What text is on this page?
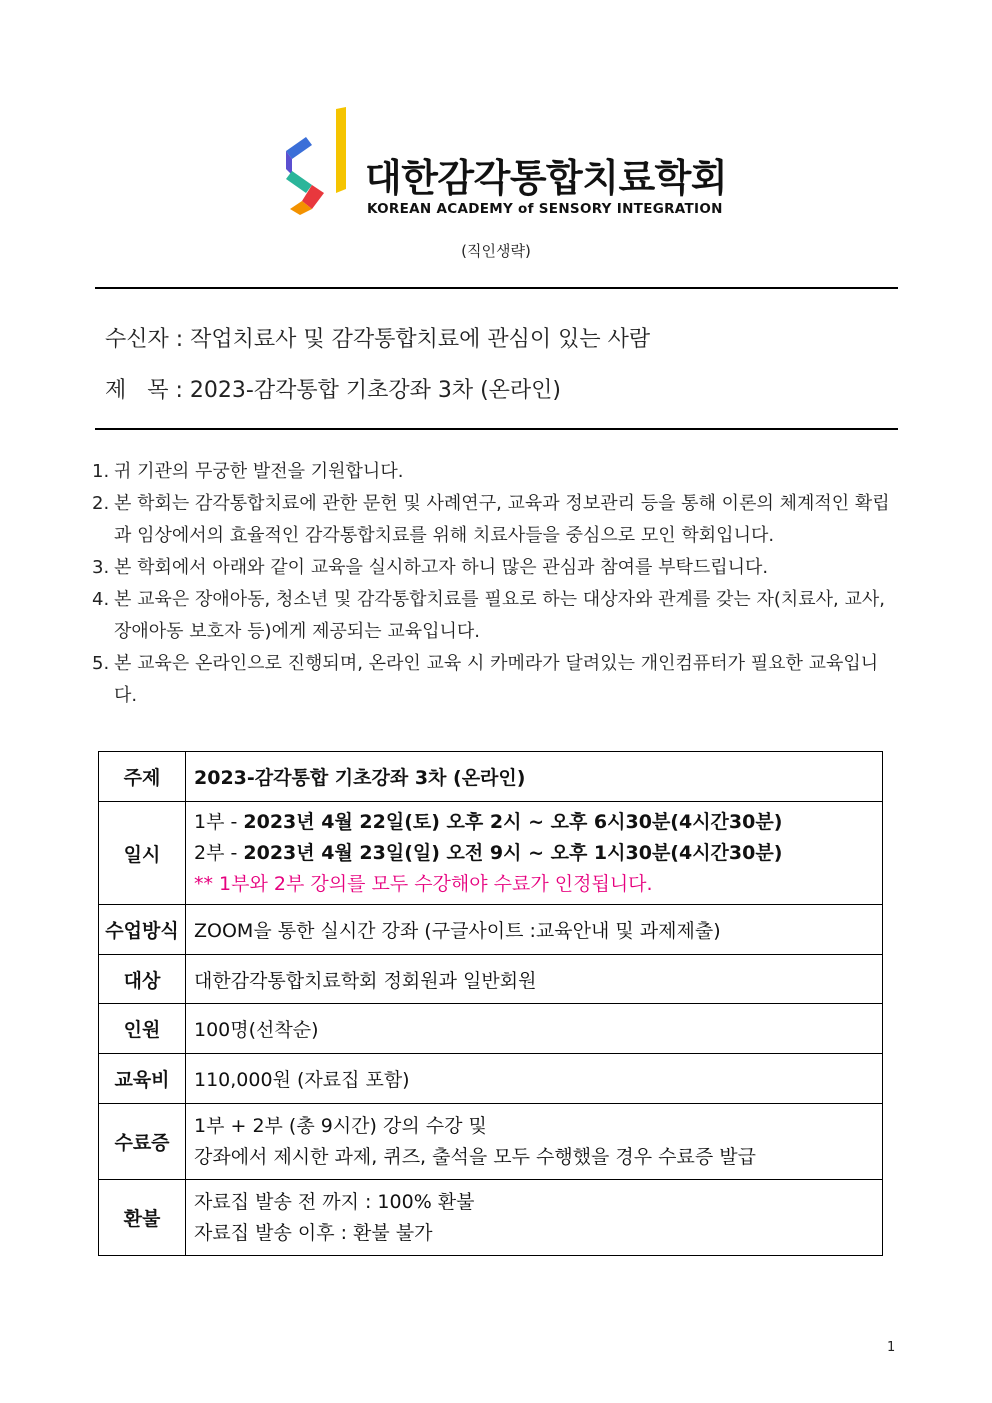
대한감각통합치료학회
KOREAN ACADEMY of SENSORY INTEGRATION
(직인생략)
수신자 : 작업치료사 및 감각통합치료에 관심이 있는 사람
제   목 : 2023-감각통합 기초강좌 3차 (온라인)
1. 귀 기관의 무궁한 발전을 기원합니다.
2. 본 학회는 감각통합치료에 관한 문헌 및 사례연구, 교육과 정보관리 등을 통해 이론의 체계적인 확립과 임상에서의 효율적인 감각통합치료를 위해 치료사들을 중심으로 모인 학회입니다.
3. 본 학회에서 아래와 같이 교육을 실시하고자 하니 많은 관심과 참여를 부탁드립니다.
4. 본 교육은 장애아동, 청소년 및 감각통합치료를 필요로 하는 대상자와 관계를 갖는 자(치료사, 교사, 장애아동 보호자 등)에게 제공되는 교육입니다.
5. 본 교육은 온라인으로 진행되며, 온라인 교육 시 카메라가 달려있는 개인컴퓨터가 필요한 교육입니다.
주제	2023-감각통합 기초강좌 3차 (온라인)
일시	1부 - 2023년 4월 22일(토) 오후 2시 ~ 오후 6시30분(4시간30분)
2부 - 2023년 4월 23일(일) 오전 9시 ~ 오후 1시30분(4시간30분)
** 1부와 2부 강의를 모두 수강해야 수료가 인정됩니다.

수업방식	ZOOM을 통한 실시간 강좌 (구글사이트 :교육안내 및 과제제출)
대상	대한감각통합치료학회 정회원과 일반회원
인원	100명(선착순)
교육비	110,000원 (자료집 포함)
수료증	1부 + 2부 (총 9시간) 강의 수강 및
강좌에서 제시한 과제, 퀴즈, 출석을 모두 수행했을 경우 수료증 발급

환불	자료집 발송 전 까지 : 100% 환불
자료집 발송 이후 : 환불 불가
1
